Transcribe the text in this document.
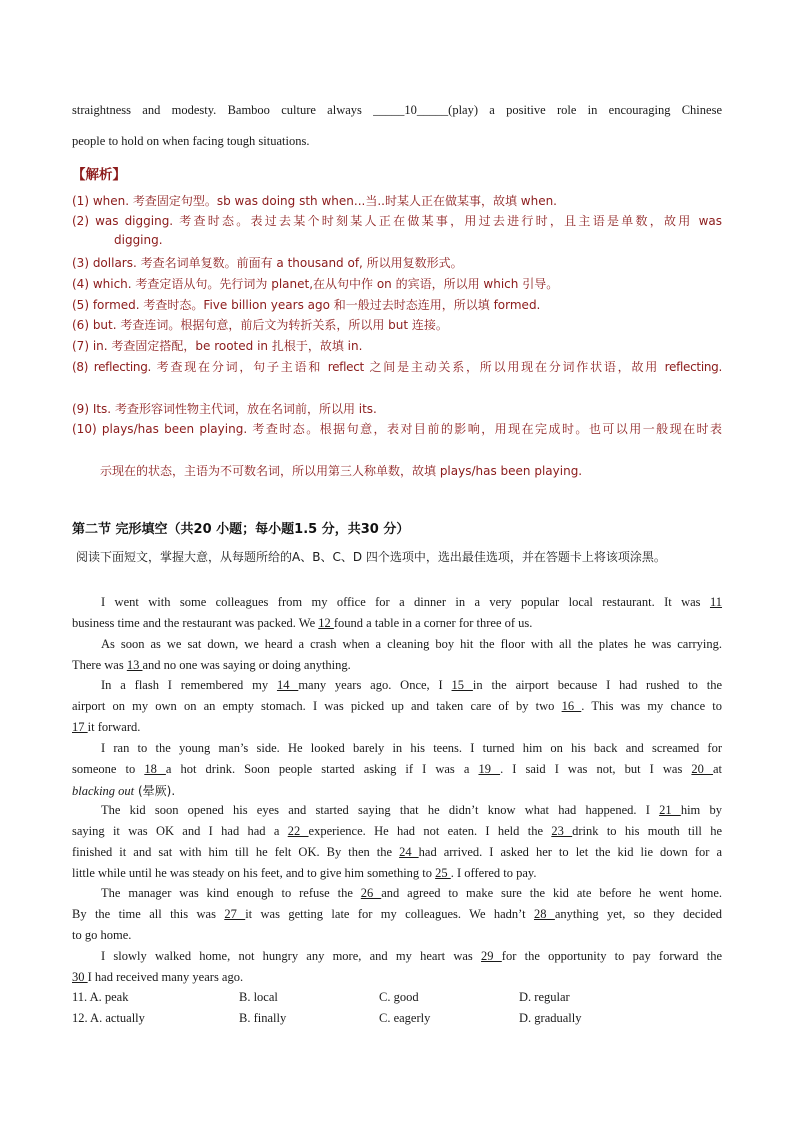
straightness and modesty. Bamboo culture always _____10_____(play) a positive role in encouraging Chinese
people to hold on when facing tough situations.
【解析】
(1) when. 考查固定句型。sb was doing sth when...当..时某人正在做某事，故填 when.
(2) was digging. 考查时态。表过去某个时刻某人正在做某事，用过去进行时，且主语是单数，故用 was
digging.
(3) dollars. 考查名词单复数。前面有 a thousand of, 所以用复数形式。
(4) which. 考查定语从句。先行词为 planet,在从句中作 on 的宾语，所以用 which 引导。
(5) formed. 考查时态。Five billion years ago 和一般过去时态连用，所以填 formed.
(6) but. 考查连词。根据句意，前后文为转折关系，所以用 but 连接。
(7) in. 考查固定搭配，be rooted in 扎根于，故填 in.
(8) reflecting. 考查现在分词，句子主语和 reflect 之间是主动关系，所以用现在分词作状语，故用 reflecting.
(9) Its. 考查形容词性物主代词，放在名词前，所以用 its.
(10) plays/has been playing. 考查时态。根据句意，表对目前的影响，用现在完成时。也可以用一般现在时表
示现在的状态，主语为不可数名词，所以用第三人称单数，故填 plays/has been playing.
第二节 完形填空（共20 小题；每小题1.5 分，共30 分）
阅读下面短文，掌握大意，从每题所给的A、B、C、D 四个选项中，选出最佳选项，并在答题卡上将该项涂黑。
I went with some colleagues from my office for a dinner in a very popular local restaurant. It was 11
business time and the restaurant was packed. We 12 found a table in a corner for three of us.
As soon as we sat down, we heard a crash when a cleaning boy hit the floor with all the plates he was carrying.
There was 13 and no one was saying or doing anything.
In a flash I remembered my 14 many years ago. Once, I 15 in the airport because I had rushed to the
airport on my own on an empty stomach. I was picked up and taken care of by two 16 . This was my chance to
17 it forward.
I ran to the young man’s side. He looked barely in his teens. I turned him on his back and screamed for
someone to 18 a hot drink. Soon people started asking if I was a 19 . I said I was not, but I was 20 at
blacking out (晕厥).
The kid soon opened his eyes and started saying that he didn’t know what had happened. I 21 him by
saying it was OK and I had had a 22 experience. He had not eaten. I held the 23 drink to his mouth till he
finished it and sat with him till he felt OK. By then the 24 had arrived. I asked her to let the kid lie down for a
little while until he was steady on his feet, and to give him something to 25 . I offered to pay.
The manager was kind enough to refuse the 26 and agreed to make sure the kid ate before he went home.
By the time all this was 27 it was getting late for my colleagues. We hadn’t 28 anything yet, so they decided
to go home.
I slowly walked home, not hungry any more, and my heart was 29 for the opportunity to pay forward the
30 I had received many years ago.
11. A. peak	B. local	C. good	D. regular
12. A. actually	B. finally	C. eagerly	D. gradually
